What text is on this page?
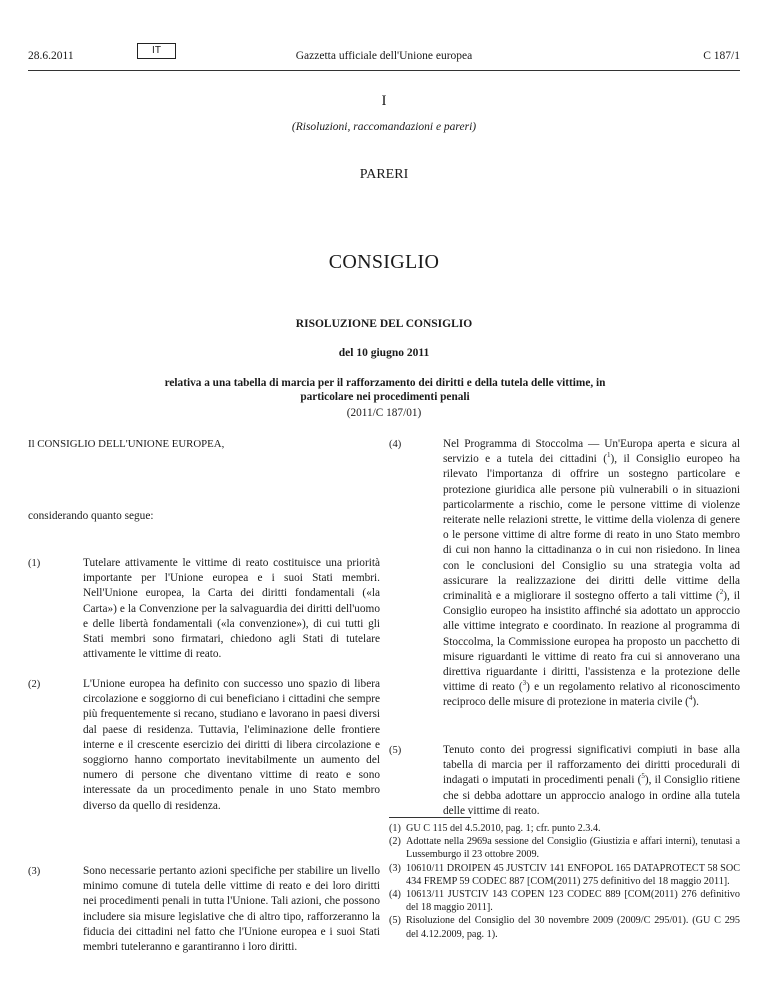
28.6.2011	IT	Gazzetta ufficiale dell'Unione europea	C 187/1
I
(Risoluzioni, raccomandazioni e pareri)
PARERI
CONSIGLIO
RISOLUZIONE DEL CONSIGLIO
del 10 giugno 2011
relativa a una tabella di marcia per il rafforzamento dei diritti e della tutela delle vittime, in
particolare nei procedimenti penali
(2011/C 187/01)
Il CONSIGLIO DELL'UNIONE EUROPEA,
considerando quanto segue:
(1)	Tutelare attivamente le vittime di reato costituisce una priorità importante per l'Unione europea e i suoi Stati membri. Nell'Unione europea, la Carta dei diritti fondamentali («la Carta») e la Convenzione per la salvaguardia dei diritti dell'uomo e delle libertà fondamentali («la convenzione»), di cui tutti gli Stati membri sono firmatari, chiedono agli Stati di tutelare attivamente le vittime di reato.

(2)	L'Unione europea ha definito con successo uno spazio di libera circolazione e soggiorno di cui beneficiano i cittadini che sempre più frequentemente si recano, studiano e lavorano in paesi diversi dal paese di residenza. Tuttavia, l'eliminazione delle frontiere interne e il crescente esercizio dei diritti di libera circolazione e soggiorno hanno comportato inevitabilmente un aumento del numero di persone che diventano vittime di reato e sono interessate da un procedimento penale in uno Stato membro diverso da quello di residenza.

(3)	Sono necessarie pertanto azioni specifiche per stabilire un livello minimo comune di tutela delle vittime di reato e dei loro diritti nei procedimenti penali in tutta l'Unione. Tali azioni, che possono includere sia misure legislative che di altro tipo, rafforzeranno la fiducia dei cittadini nel fatto che l'Unione europea e i suoi Stati membri tuteleranno e garantiranno i loro diritti.

(4)	Nel Programma di Stoccolma — Un'Europa aperta e sicura al servizio e a tutela dei cittadini ($^1$), il Consiglio europeo ha rilevato l'importanza di offrire un sostegno particolare e protezione giuridica alle persone più vulnerabili o in situazioni particolarmente a rischio, come le persone vittime di violenze reiterate nelle relazioni strette, le vittime della violenza di genere o le persone vittime di altre forme di reato in uno Stato membro di cui non hanno la cittadinanza o in cui non risiedono. In linea con le conclusioni del Consiglio su una strategia volta ad assicurare la realizzazione dei diritti delle vittime della criminalità e a migliorare il sostegno offerto a tali vittime ($^2$), il Consiglio europeo ha insistito affinché sia adottato un approccio alle vittime integrato e coordinato. In reazione al programma di Stoccolma, la Commissione europea ha proposto un pacchetto di misure riguardanti le vittime di reato fra cui si annoverano una direttiva riguardante i diritti, l'assistenza e la protezione delle vittime di reato ($^3$) e un regolamento relativo al riconoscimento reciproco delle misure di protezione in materia civile ($^4$).

(5)	Tenuto conto dei progressi significativi compiuti in base alla tabella di marcia per il rafforzamento dei diritti procedurali di indagati o imputati in procedimenti penali ($^5$), il Consiglio ritiene che si debba adottare un approccio analogo in ordine alla tutela delle vittime di reato.

(1) GU C 115 del 4.5.2010, pag. 1; cfr. punto 2.3.4.

(2) Adottate nella 2969a sessione del Consiglio (Giustizia e affari interni), tenutasi a Lussemburgo il 23 ottobre 2009.

(3) 10610/11 DROIPEN 45 JUSTCIV 141 ENFOPOL 165 DATAPROTECT 58 SOC 434 FREMP 59 CODEC 887 [COM(2011) 275 definitivo del 18 maggio 2011].

(4) 10613/11 JUSTCIV 143 COPEN 123 CODEC 889 [COM(2011) 276 definitivo del 18 maggio 2011].

(5) Risoluzione del Consiglio del 30 novembre 2009 (2009/C 295/01). (GU C 295 del 4.12.2009, pag. 1).
